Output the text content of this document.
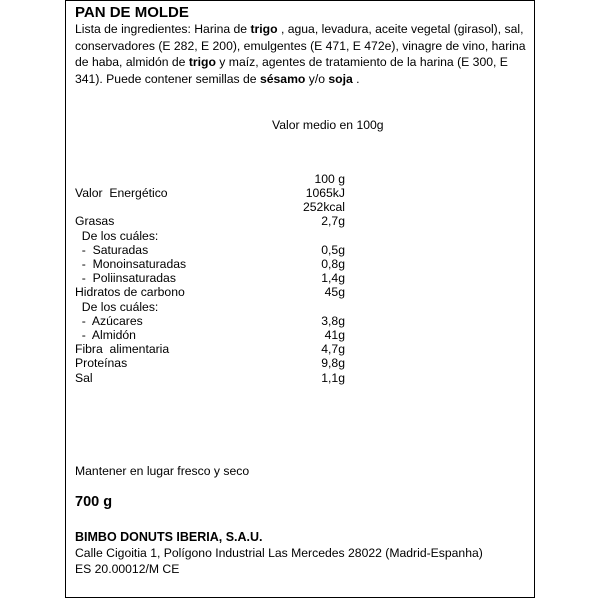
PAN DE MOLDE
Lista de ingredientes: Harina de trigo , agua, levadura, aceite vegetal (girasol), sal, conservadores (E 282, E 200), emulgentes (E 471, E 472e), vinagre de vino, harina de haba, almidón de trigo y maíz, agentes de tratamiento de la harina (E 300, E 341). Puede contener semillas de sésamo y/o soja .
Valor medio en 100g
100 g
Valor  Energético	1065kJ
252kcal
Grasas	2,7g
De los cuáles:
-  Saturadas	0,5g
-  Monoinsaturadas	0,8g
-  Poliinsaturadas	1,4g
Hidratos de carbono	45g
De los cuáles:
-  Azúcares	3,8g
-  Almidón	41g
Fibra  alimentaria	4,7g
Proteínas	9,8g
Sal	1,1g
Mantener en lugar fresco y seco
700 g
BIMBO DONUTS IBERIA, S.A.U.
Calle Cigoitia 1, Polígono Industrial Las Mercedes 28022 (Madrid-Espanha)
ES 20.00012/M CE
